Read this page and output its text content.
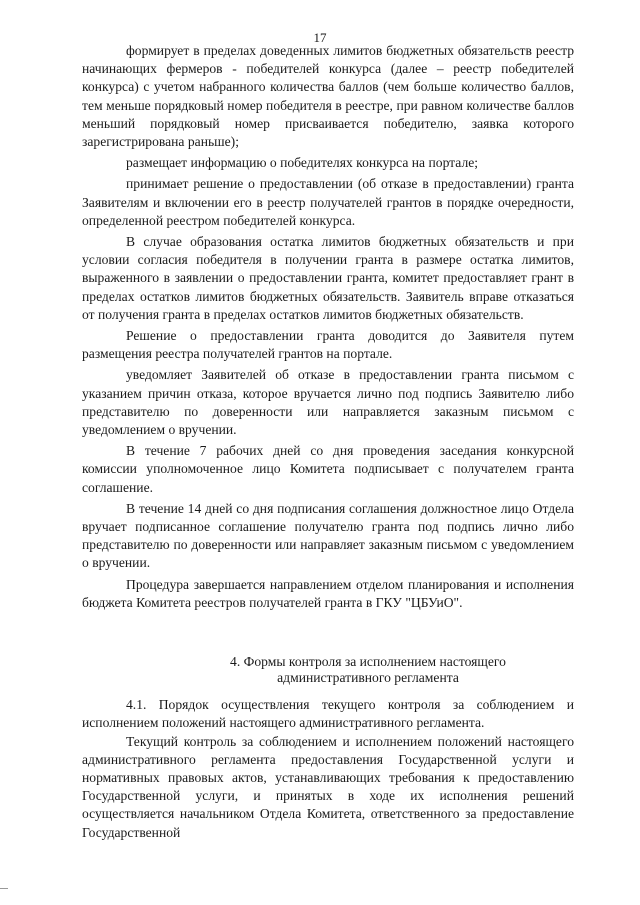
17

формирует в пределах доведенных лимитов бюджетных обязательств реестр начинающих фермеров - победителей конкурса (далее – реестр победителей конкурса) с учетом набранного количества баллов (чем больше количество баллов, тем меньше порядковый номер победителя в реестре, при равном количестве баллов меньший порядковый номер присваивается победителю, заявка которого зарегистрирована раньше);

размещает информацию о победителях конкурса на портале;

принимает решение о предоставлении (об отказе в предоставлении) гранта Заявителям и включении его в реестр получателей грантов в порядке очередности, определенной реестром победителей конкурса.

В случае образования остатка лимитов бюджетных обязательств и при условии согласия победителя в получении гранта в размере остатка лимитов, выраженного в заявлении о предоставлении гранта, комитет предоставляет грант в пределах остатков лимитов бюджетных обязательств. Заявитель вправе отказаться от получения гранта в пределах остатков лимитов бюджетных обязательств.

Решение о предоставлении гранта доводится до Заявителя путем размещения реестра получателей грантов на портале.

уведомляет Заявителей об отказе в предоставлении гранта письмом с указанием причин отказа, которое вручается лично под подпись Заявителю либо представителю по доверенности или направляется заказным письмом с уведомлением о вручении.

В течение 7 рабочих дней со дня проведения заседания конкурсной комиссии уполномоченное лицо Комитета подписывает с получателем гранта соглашение.

В течение 14 дней со дня подписания соглашения должностное лицо Отдела вручает подписанное соглашение получателю гранта под подпись лично либо представителю по доверенности или направляет заказным письмом с уведомлением о вручении.

Процедура завершается направлением отделом планирования и исполнения бюджета Комитета реестров получателей гранта в ГКУ "ЦБУиО".

4. Формы контроля за исполнением настоящего
административного регламента

4.1. Порядок осуществления текущего контроля за соблюдением и исполнением положений настоящего административного регламента.

Текущий контроль за соблюдением и исполнением положений настоящего административного регламента предоставления Государственной услуги и нормативных правовых актов, устанавливающих требования к предоставлению Государственной услуги, и принятых в ходе их исполнения решений осуществляется начальником Отдела Комитета, ответственного за предоставление Государственной
